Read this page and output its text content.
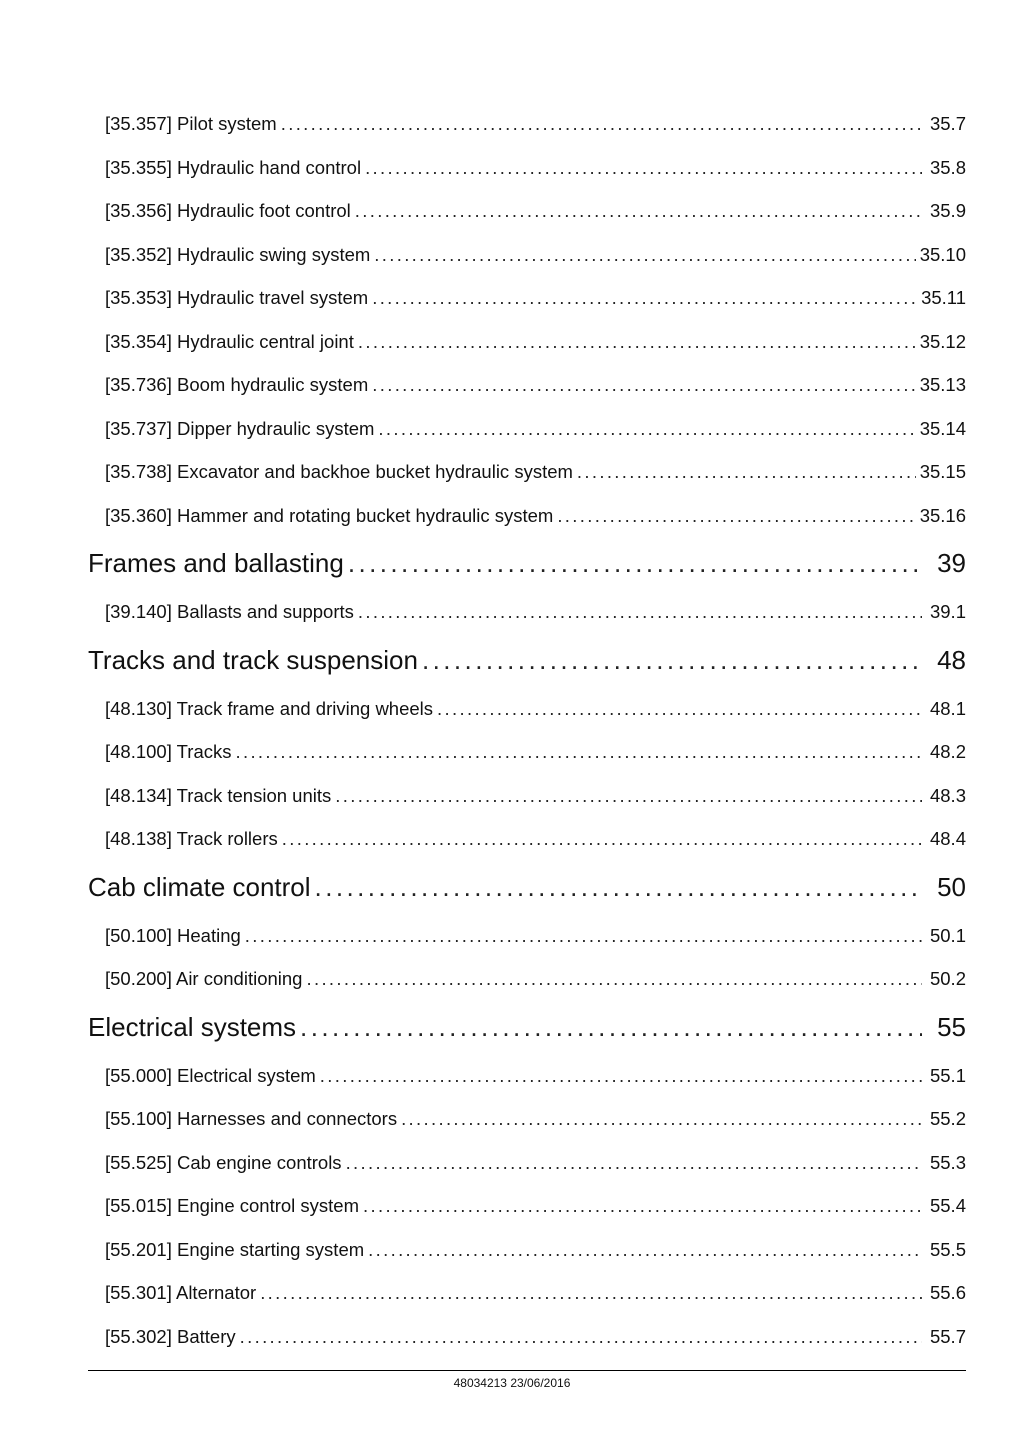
[35.357] Pilot system . . .	35.7
[35.355] Hydraulic hand control . . .	35.8
[35.356] Hydraulic foot control . . .	35.9
[35.352] Hydraulic swing system . . .	35.10
[35.353] Hydraulic travel system . . .	35.11
[35.354] Hydraulic central joint . . .	35.12
[35.736] Boom hydraulic system . . .	35.13
[35.737] Dipper hydraulic system . . .	35.14
[35.738] Excavator and backhoe bucket hydraulic system . . .	35.15
[35.360] Hammer and rotating bucket hydraulic system . . .	35.16
Frames and ballasting . . .	39
[39.140] Ballasts and supports . . .	39.1
Tracks and track suspension . . .	48
[48.130] Track frame and driving wheels . . .	48.1
[48.100] Tracks . . .	48.2
[48.134] Track tension units . . .	48.3
[48.138] Track rollers . . .	48.4
Cab climate control . . .	50
[50.100] Heating . . .	50.1
[50.200] Air conditioning . . .	50.2
Electrical systems . . .	55
[55.000] Electrical system . . .	55.1
[55.100] Harnesses and connectors . . .	55.2
[55.525] Cab engine controls . . .	55.3
[55.015] Engine control system . . .	55.4
[55.201] Engine starting system . . .	55.5
[55.301] Alternator . . .	55.6
[55.302] Battery . . .	55.7
48034213 23/06/2016
